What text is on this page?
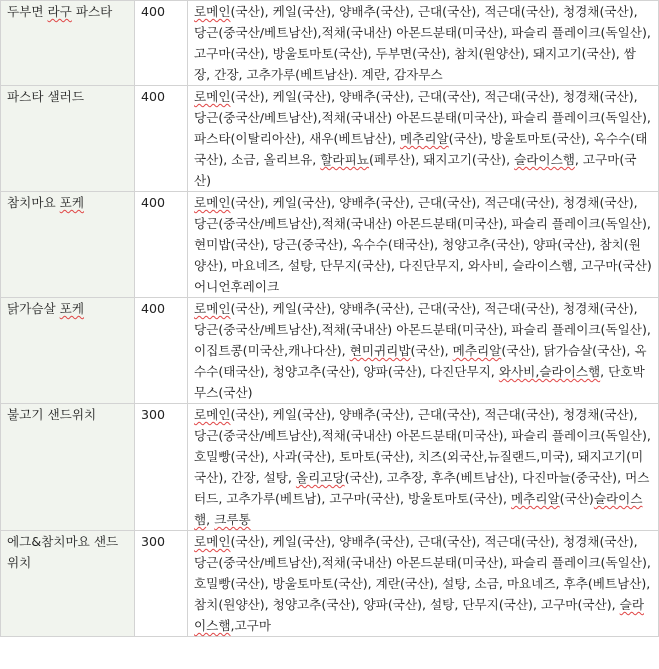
두부면 라구 파스타	400	로메인(국산), 케일(국산), 양배추(국산), 근대(국산), 적근대(국산), 청경채(국산), 당근(중국산/베트남산),적채(국내산) 아몬드분태(미국산), 파슬리 플레이크(독일산), 고구마(국산), 방울토마토(국산), 두부면(국산), 참치(원양산), 돼지고기(국산), 쌈장, 간장, 고추가루(베트남산). 계란, 감자무스
파스타 샐러드	400	로메인(국산), 케일(국산), 양배추(국산), 근대(국산), 적근대(국산), 청경채(국산), 당근(중국산/베트남산),적채(국내산) 아몬드분태(미국산), 파슬리 플레이크(독일산), 파스타(이탈리아산), 새우(베트남산), 메추리알(국산), 방울토마토(국산), 옥수수(태국산), 소금, 올리브유, 할라피뇨(페루산), 돼지고기(국산), 슬라이스햄, 고구마(국산)
참치마요 포케	400	로메인(국산), 케일(국산), 양배추(국산), 근대(국산), 적근대(국산), 청경채(국산), 당근(중국산/베트남산),적채(국내산) 아몬드분태(미국산), 파슬리 플레이크(독일산), 현미밥(국산), 당근(중국산), 옥수수(태국산), 청양고추(국산), 양파(국산), 참치(원양산), 마요네즈, 설탕, 단무지(국산), 다진단무지, 와사비, 슬라이스햄, 고구마(국산)어니언후레이크
닭가슴살 포케	400	로메인(국산), 케일(국산), 양배추(국산), 근대(국산), 적근대(국산), 청경채(국산), 당근(중국산/베트남산),적채(국내산) 아몬드분태(미국산), 파슬리 플레이크(독일산), 이집트콩(미국산,캐나다산), 현미귀리밥(국산), 메추리알(국산), 닭가슴살(국산), 옥수수(태국산), 청양고추(국산), 양파(국산), 다진단무지, 와사비,슬라이스햄, 단호박무스(국산)
불고기 샌드위치	300	로메인(국산), 케일(국산), 양배추(국산), 근대(국산), 적근대(국산), 청경채(국산), 당근(중국산/베트남산),적채(국내산) 아몬드분태(미국산), 파슬리 플레이크(독일산), 호밀빵(국산), 사과(국산), 토마토(국산), 치즈(외국산,뉴질랜드,미국), 돼지고기(미국산), 간장, 설탕, 올리고당(국산), 고추장, 후추(베트남산), 다진마늘(중국산), 머스터드, 고추가루(베트남), 고구마(국산), 방울토마토(국산), 메추리알(국산)슬라이스햄, 크루통
에그&참치마요 샌드위치	300	로메인(국산), 케일(국산), 양배추(국산), 근대(국산), 적근대(국산), 청경채(국산), 당근(중국산/베트남산),적채(국내산) 아몬드분태(미국산), 파슬리 플레이크(독일산), 호밀빵(국산), 방울토마토(국산), 계란(국산), 설탕, 소금, 마요네즈, 후추(베트남산), 참치(원양산), 청양고추(국산), 양파(국산), 설탕, 단무지(국산), 고구마(국산), 슬라이스햄,고구마
